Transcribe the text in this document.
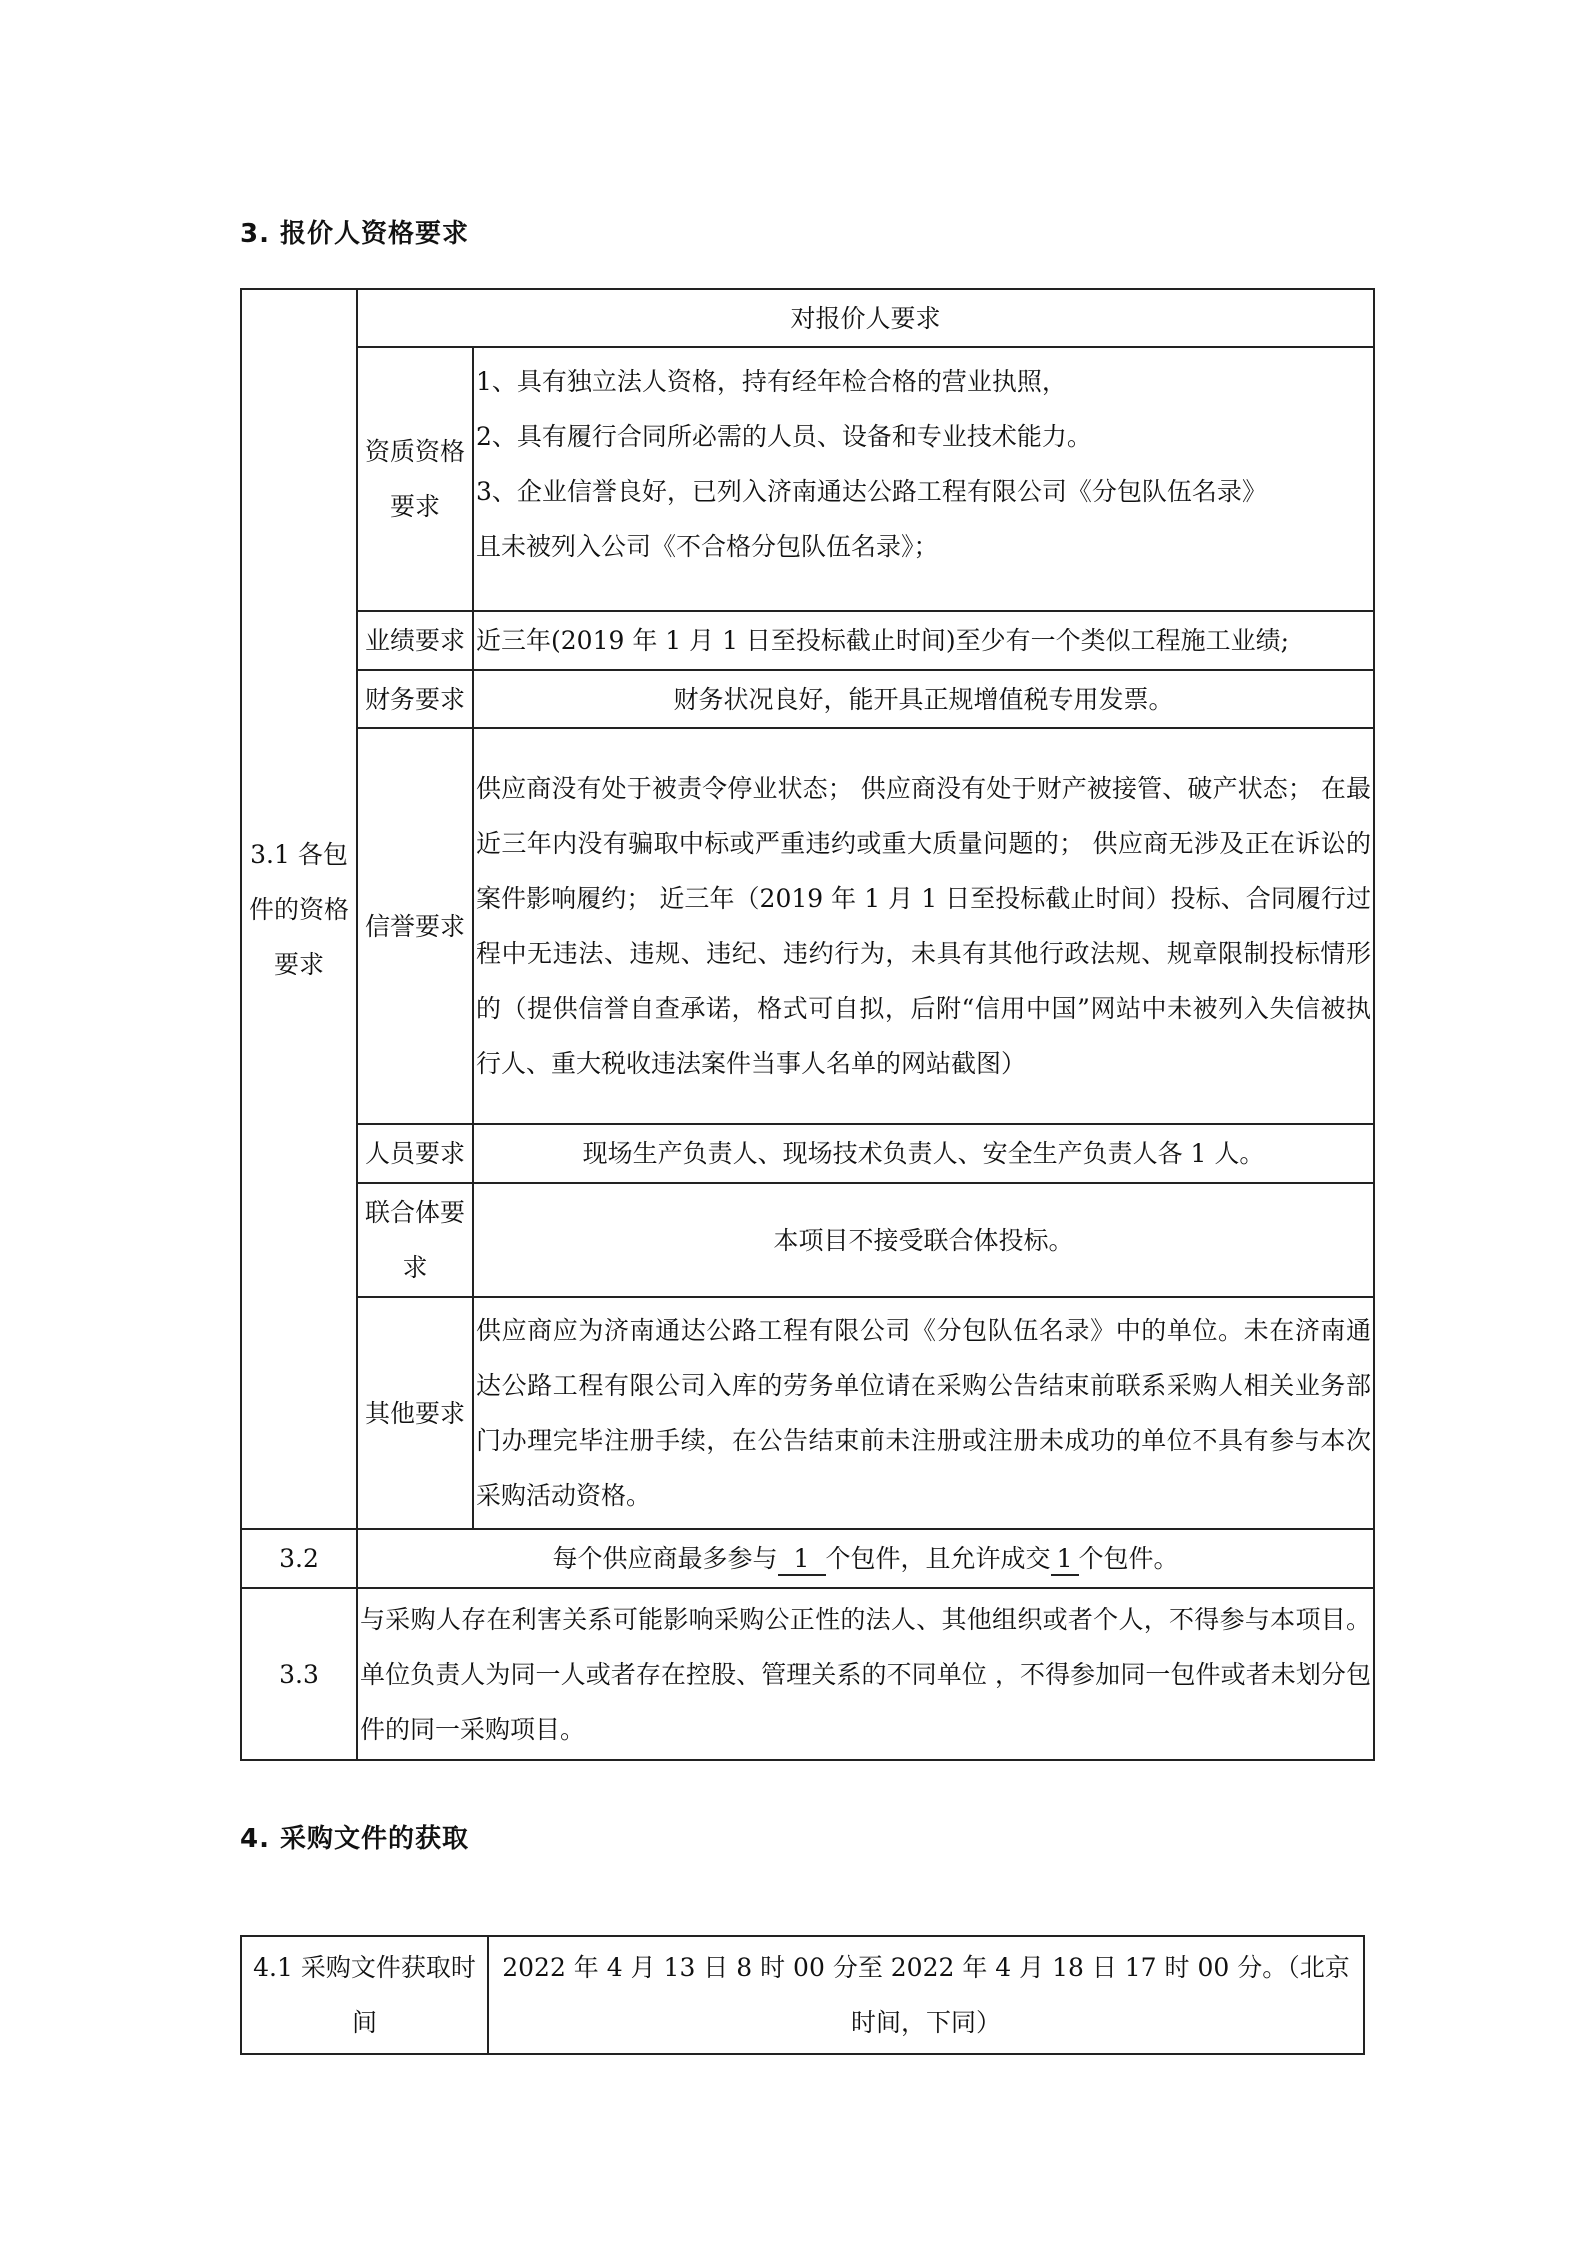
3. 报价人资格要求
3.1 各包件的资格要求	对报价人要求	
	资质资格要求	1、具有独立法人资格，持有经年检合格的营业执照，
2、具有履行合同所必需的人员、设备和专业技术能力。
3、企业信誉良好，已列入济南通达公路工程有限公司《分包队伍名录》
且未被列入公司《不合格分包队伍名录》；

	业绩要求	近三年(2019 年 1 月 1 日至投标截止时间)至少有一个类似工程施工业绩;
	财务要求	财务状况良好，能开具正规增值税专用发票。
	信誉要求	供应商没有处于被责令停业状态； 供应商没有处于财产被接管、破产状态； 在最近三年内没有骗取中标或严重违约或重大质量问题的； 供应商无涉及正在诉讼的案件影响履约； 近三年（2019 年 1 月 1 日至投标截止时间）投标、合同履行过程中无违法、违规、违纪、违约行为，未具有其他行政法规、规章限制投标情形的（提供信誉自查承诺，格式可自拟，后附“信用中国”网站中未被列入失信被执行人、重大税收违法案件当事人名单的网站截图）
	人员要求	现场生产负责人、现场技术负责人、安全生产负责人各 1 人。
	联合体要求	本项目不接受联合体投标。
	其他要求	供应商应为济南通达公路工程有限公司《分包队伍名录》中的单位。未在济南通达公路工程有限公司入库的劳务单位请在采购公告结束前联系采购人相关业务部门办理完毕注册手续，在公告结束前未注册或注册未成功的单位不具有参与本次采购活动资格。
3.2	每个供应商最多参与 1 个包件，且允许成交 1 个包件。	
3.3	与采购人存在利害关系可能影响采购公正性的法人、其他组织或者个人，不得参与本项目。单位负责人为同一人或者存在控股、管理关系的不同单位 ，不得参加同一包件或者未划分包件的同一采购项目。	
4. 采购文件的获取
4.1 采购文件获取时间	2022 年 4 月 13 日 8 时 00 分至 2022 年 4 月 18 日 17 时 00 分。（北京时间，下同）
